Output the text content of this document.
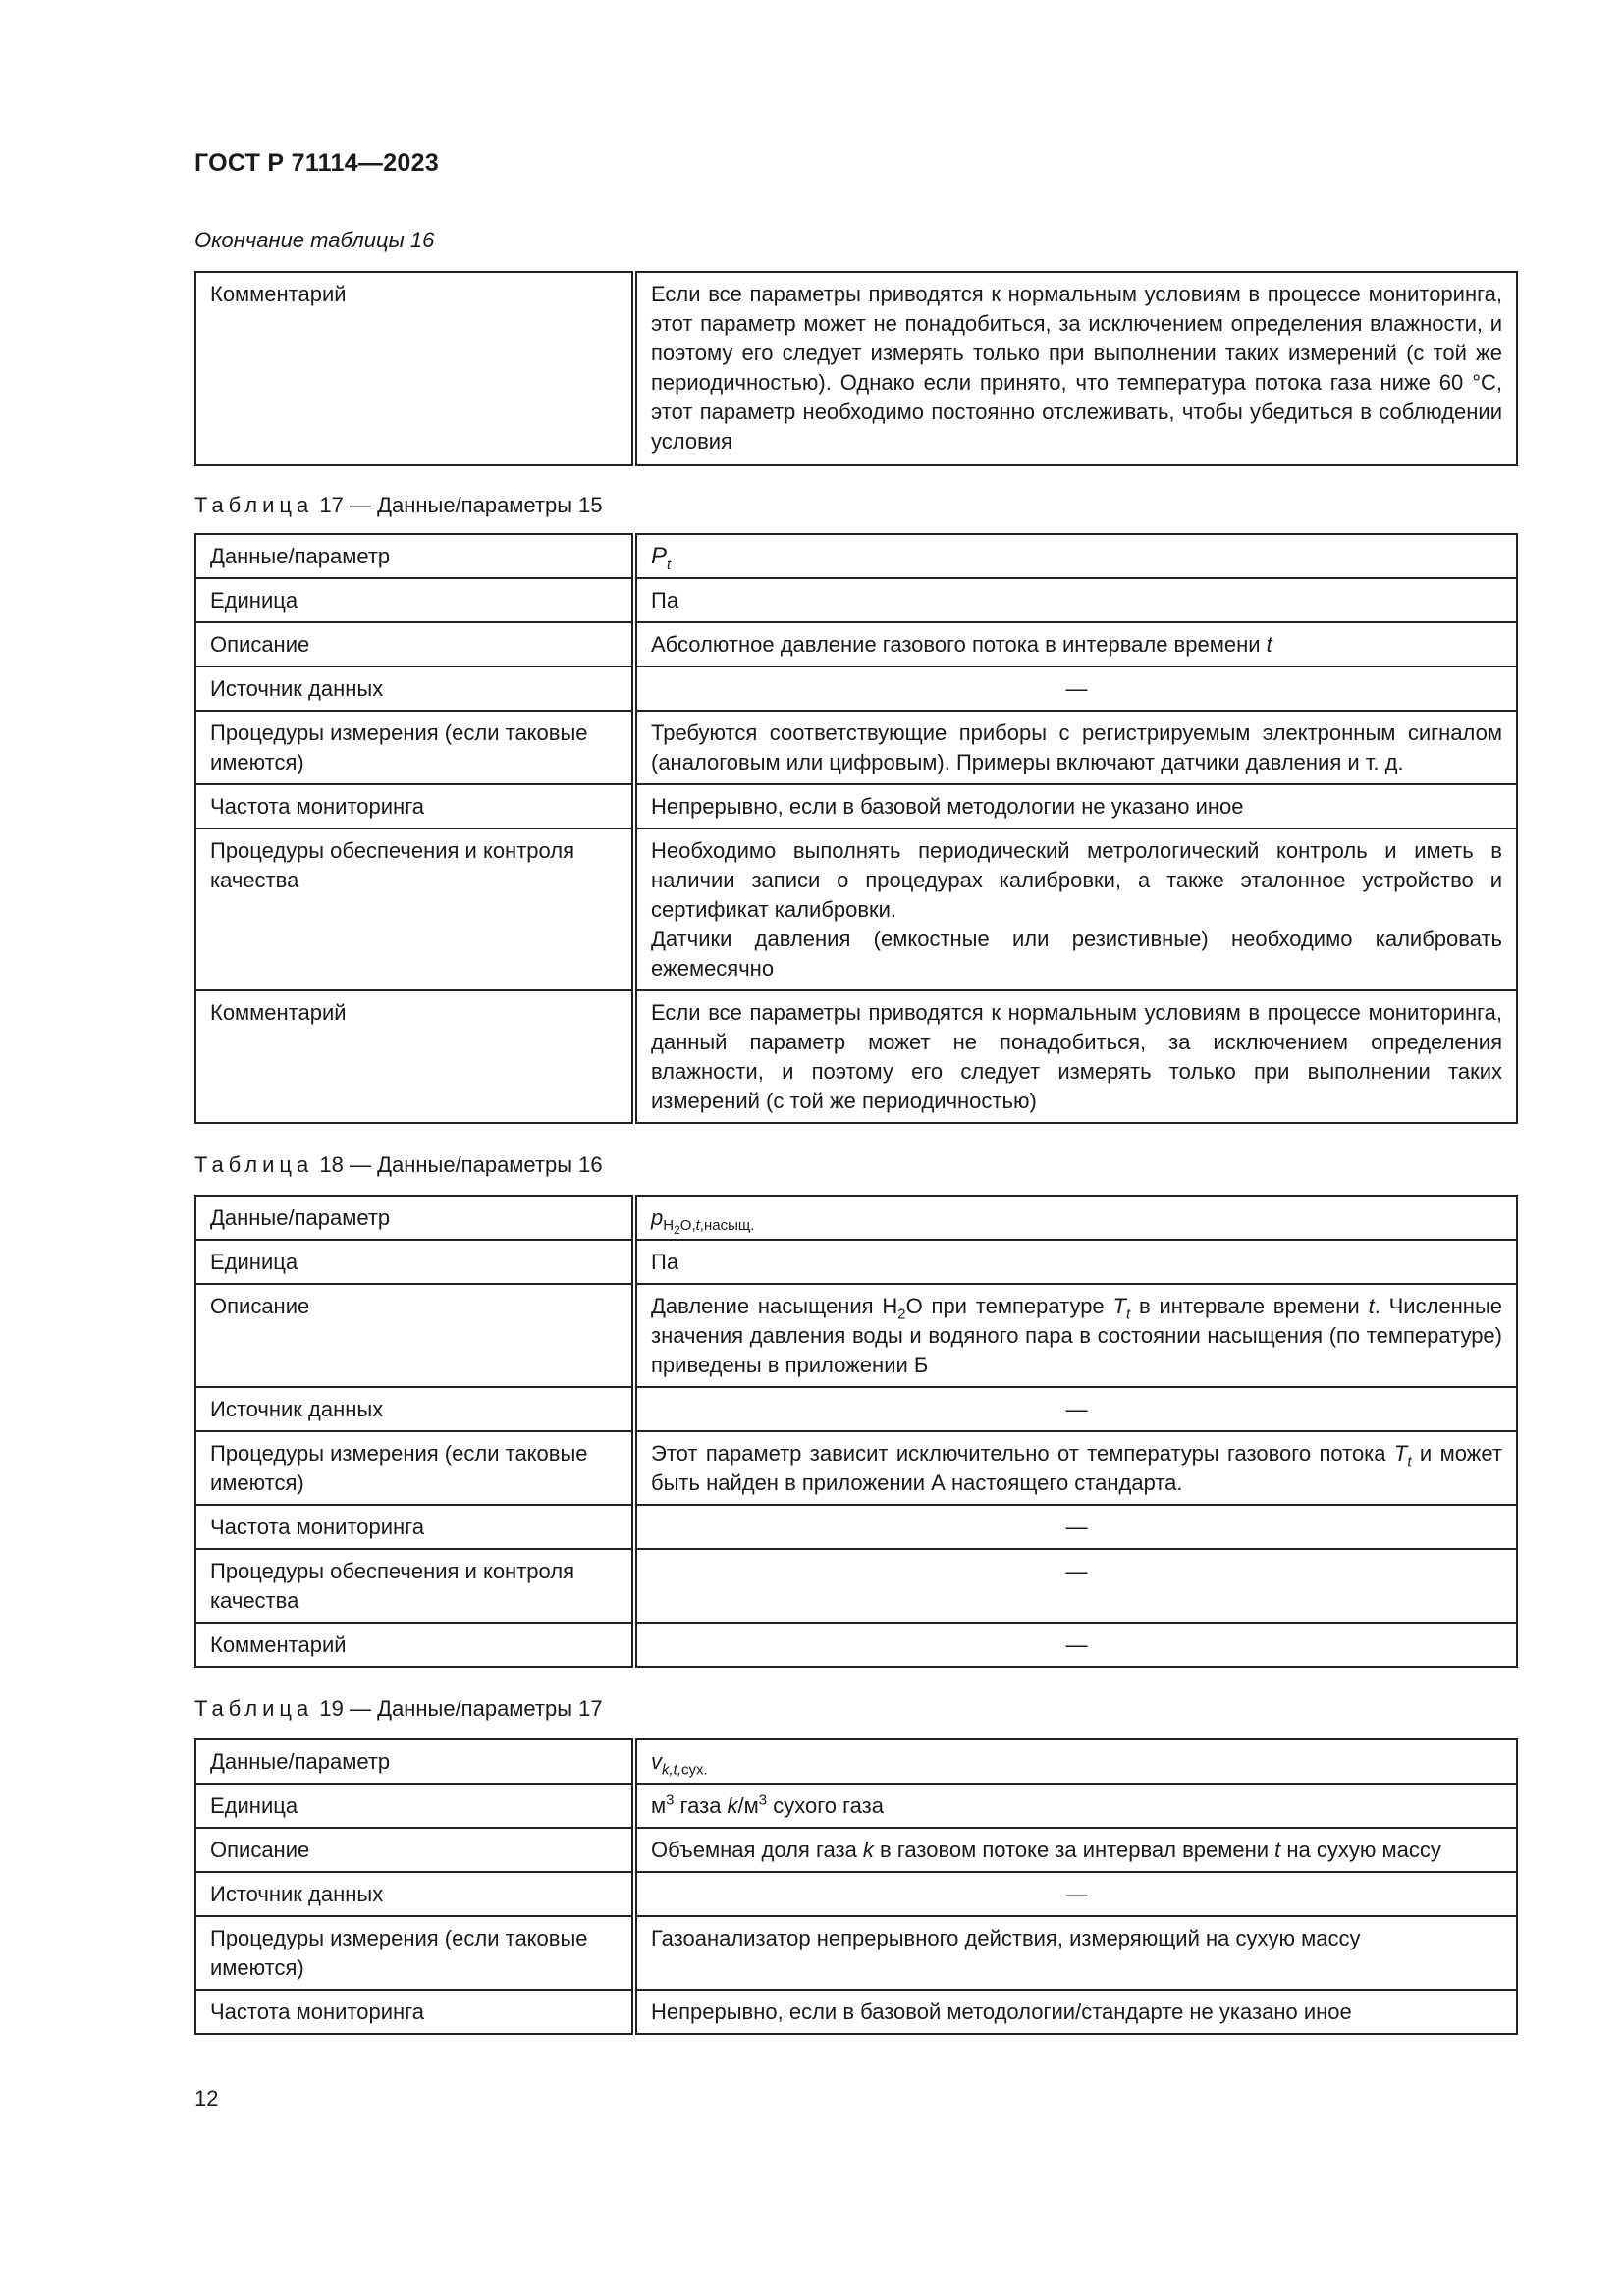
ГОСТ Р 71114—2023
Окончание таблицы 16
Комментарий	Если все параметры приводятся к нормальным условиям в процессе мониторинга, этот параметр может не понадобиться, за исключением определения влажности, и поэтому его следует измерять только при выполнении таких измерений (с той же периодичностью). Однако если принято, что температура потока газа ниже 60 °С, этот параметр необходимо постоянно отслеживать, чтобы убедиться в соблюдении условия
Таблица 17 — Данные/параметры 15
Данные/параметр	$P_t$
Единица	Па
Описание	Абсолютное давление газового потока в интервале времени t
Источник данных	—
Процедуры измерения (если таковые имеются)	Требуются соответствующие приборы с регистрируемым электронным сигналом (аналоговым или цифровым). Примеры включают датчики давления и т. д.
Частота мониторинга	Непрерывно, если в базовой методологии не указано иное
Процедуры обеспечения и контроля качества	Необходимо выполнять периодический метрологический контроль и иметь в наличии записи о процедурах калибровки, а также эталонное устройство и сертификат калибровки.
Датчики давления (емкостные или резистивные) необходимо калибровать ежемесячно

Комментарий	Если все параметры приводятся к нормальным условиям в процессе мониторинга, данный параметр может не понадобиться, за исключением определения влажности, и поэтому его следует измерять только при выполнении таких измерений (с той же периодичностью)
Таблица 18 — Данные/параметры 16
Данные/параметр	$p_{H_2O,t,насыщ.}$
Единица	Па
Описание	Давление насыщения $H_2O$ при температуре $T_t$ в интервале времени t. Численные значения давления воды и водяного пара в состоянии насыщения (по температуре) приведены в приложении Б
Источник данных	—
Процедуры измерения (если таковые имеются)	Этот параметр зависит исключительно от температуры газового потока $T_t$ и может быть найден в приложении А настоящего стандарта.
Частота мониторинга	—
Процедуры обеспечения и контроля качества	—
Комментарий	—
Таблица 19 — Данные/параметры 17
Данные/параметр	$v_{k,t,сух.}$
Единица	$м^3$ газа $k/м^3$ сухого газа
Описание	Объемная доля газа k в газовом потоке за интервал времени t на сухую массу
Источник данных	—
Процедуры измерения (если таковые имеются)	Газоанализатор непрерывного действия, измеряющий на сухую массу
Частота мониторинга	Непрерывно, если в базовой методологии/стандарте не указано иное
12
